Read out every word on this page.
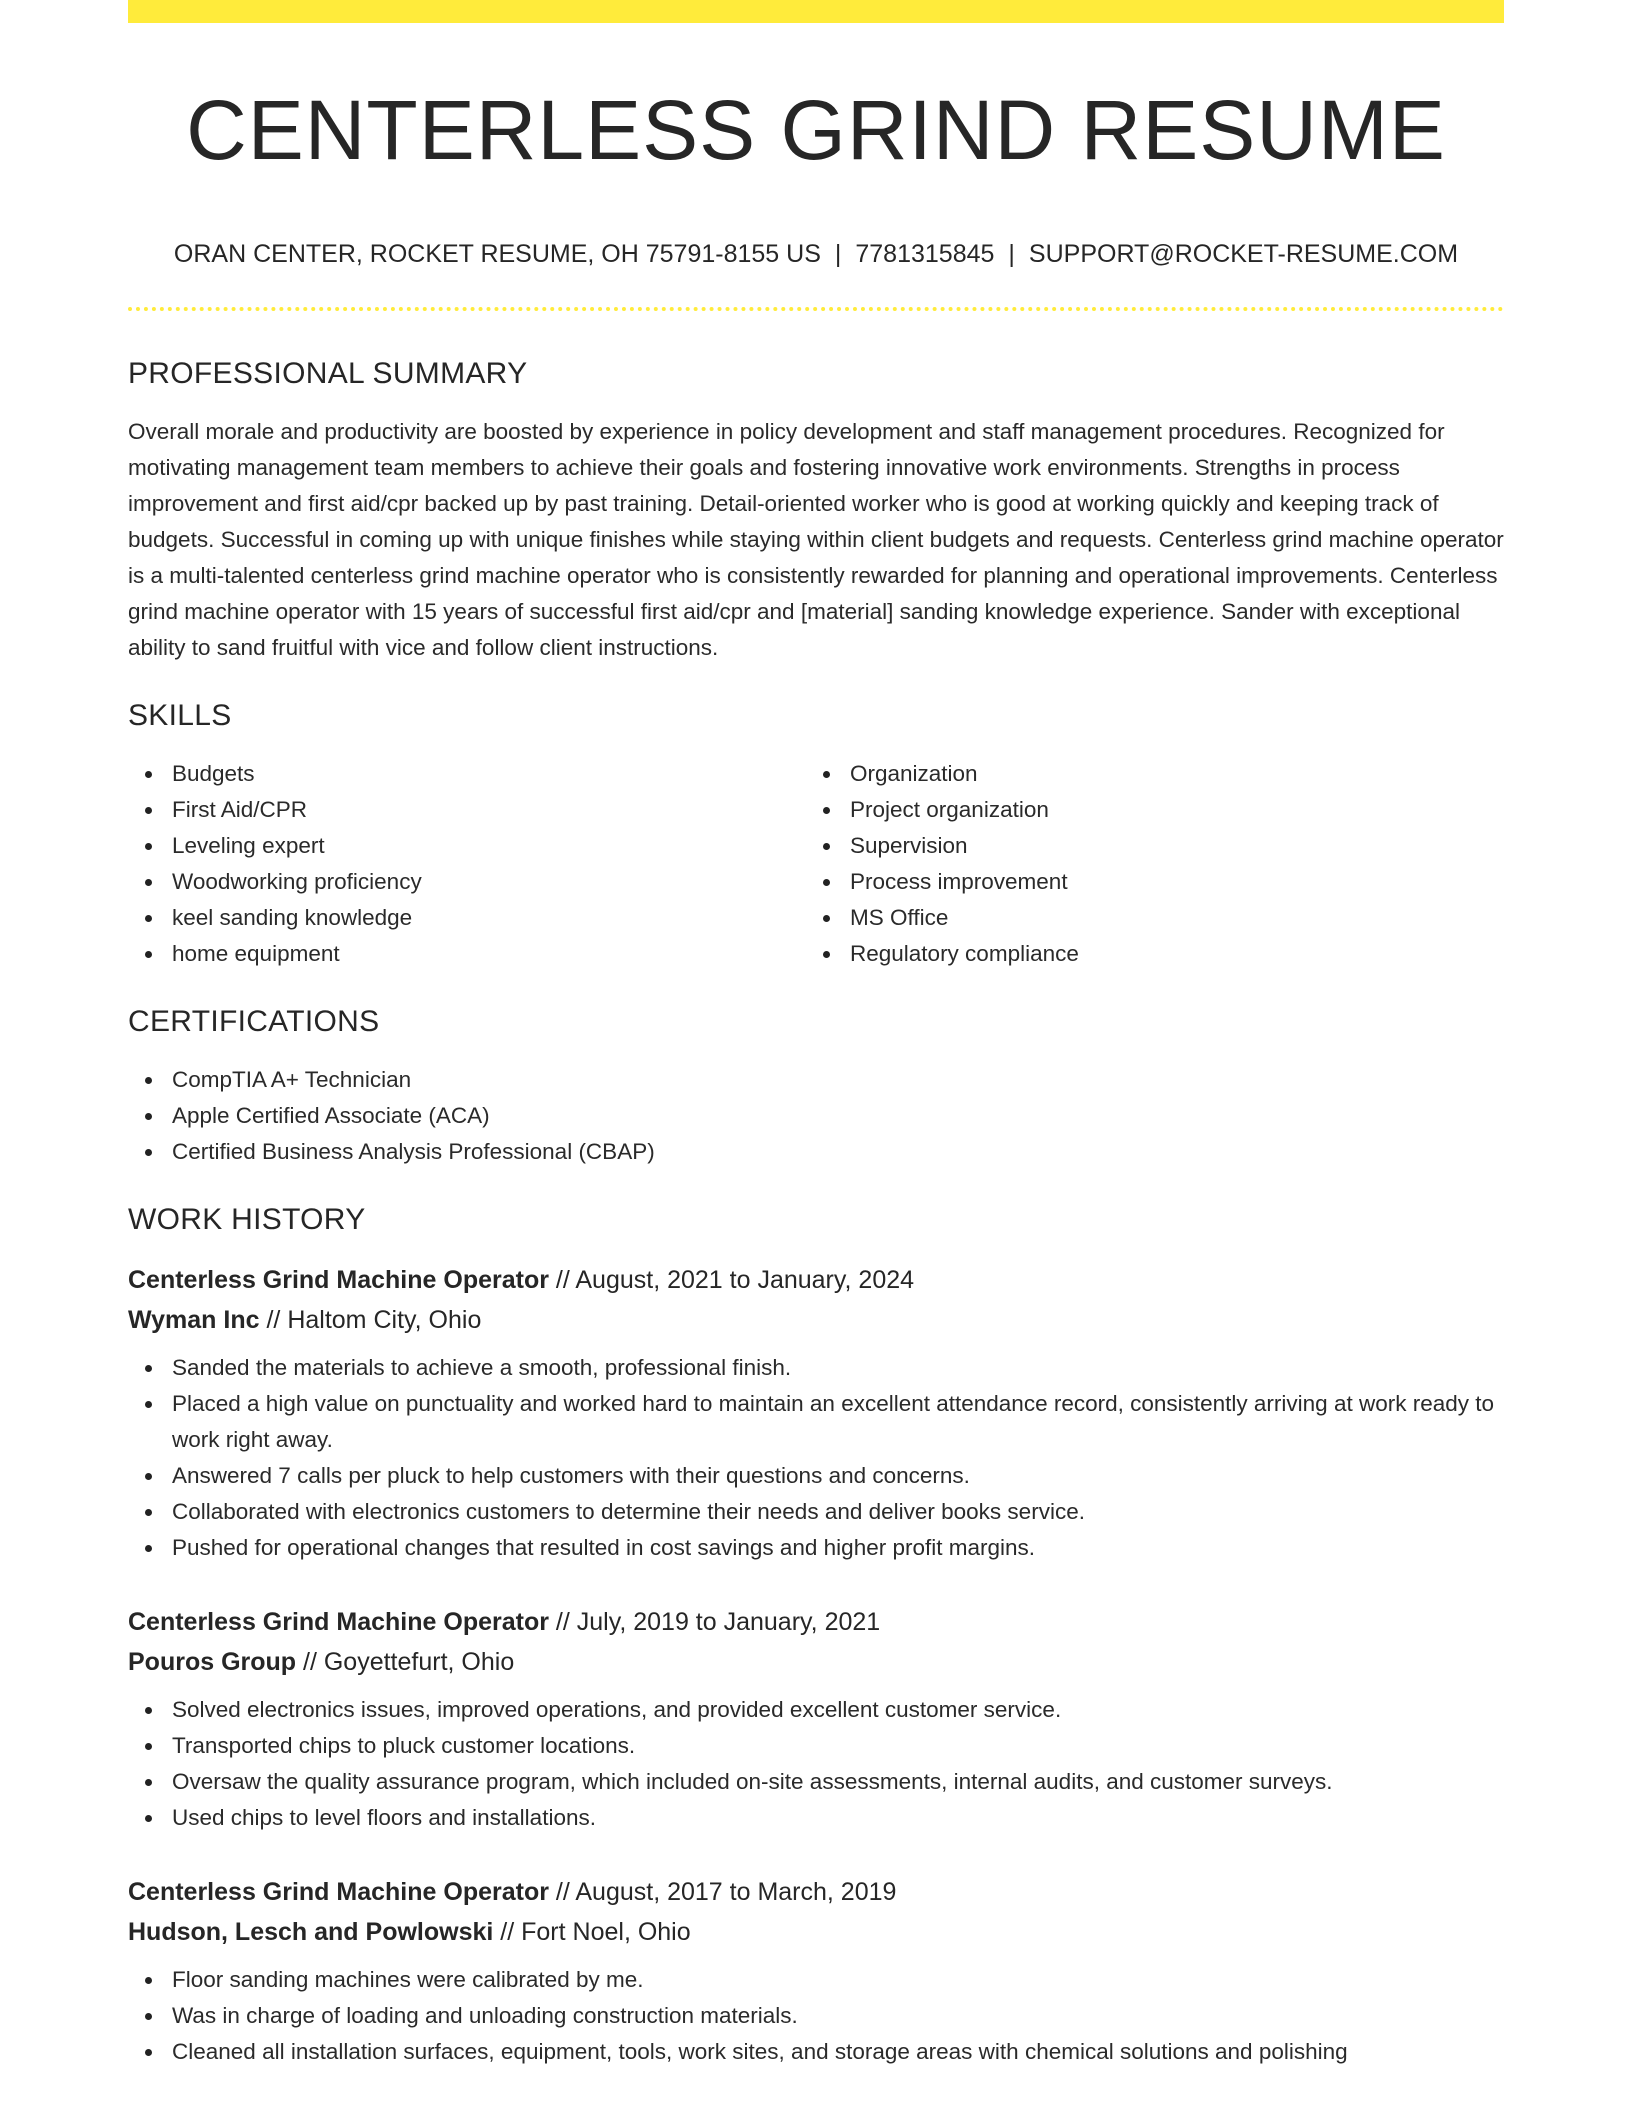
CENTERLESS GRIND RESUME
ORAN CENTER, ROCKET RESUME, OH 75791-8155 US | 7781315845 | SUPPORT@ROCKET-RESUME.COM
PROFESSIONAL SUMMARY

Overall morale and productivity are boosted by experience in policy development and staff management procedures. Recognized for motivating management team members to achieve their goals and fostering innovative work environments. Strengths in process improvement and first aid/cpr backed up by past training. Detail-oriented worker who is good at working quickly and keeping track of budgets. Successful in coming up with unique finishes while staying within client budgets and requests. Centerless grind machine operator is a multi-talented centerless grind machine operator who is consistently rewarded for planning and operational improvements. Centerless grind machine operator with 15 years of successful first aid/cpr and [material] sanding knowledge experience. Sander with exceptional ability to sand fruitful with vice and follow client instructions.

SKILLS
Budgets
First Aid/CPR
Leveling expert
Woodworking proficiency
keel sanding knowledge
home equipment
Organization
Project organization
Supervision
Process improvement
MS Office
Regulatory compliance
CERTIFICATIONS
CompTIA A+ Technician
Apple Certified Associate (ACA)
Certified Business Analysis Professional (CBAP)
WORK HISTORY
Centerless Grind Machine Operator // August, 2021 to January, 2024
Wyman Inc // Haltom City, Ohio
Sanded the materials to achieve a smooth, professional finish.
Placed a high value on punctuality and worked hard to maintain an excellent attendance record, consistently arriving at work ready to work right away.
Answered 7 calls per pluck to help customers with their questions and concerns.
Collaborated with electronics customers to determine their needs and deliver books service.
Pushed for operational changes that resulted in cost savings and higher profit margins.
Centerless Grind Machine Operator // July, 2019 to January, 2021
Pouros Group // Goyettefurt, Ohio
Solved electronics issues, improved operations, and provided excellent customer service.
Transported chips to pluck customer locations.
Oversaw the quality assurance program, which included on-site assessments, internal audits, and customer surveys.
Used chips to level floors and installations.
Centerless Grind Machine Operator // August, 2017 to March, 2019
Hudson, Lesch and Powlowski // Fort Noel, Ohio
Floor sanding machines were calibrated by me.
Was in charge of loading and unloading construction materials.
Cleaned all installation surfaces, equipment, tools, work sites, and storage areas with chemical solutions and polishing
